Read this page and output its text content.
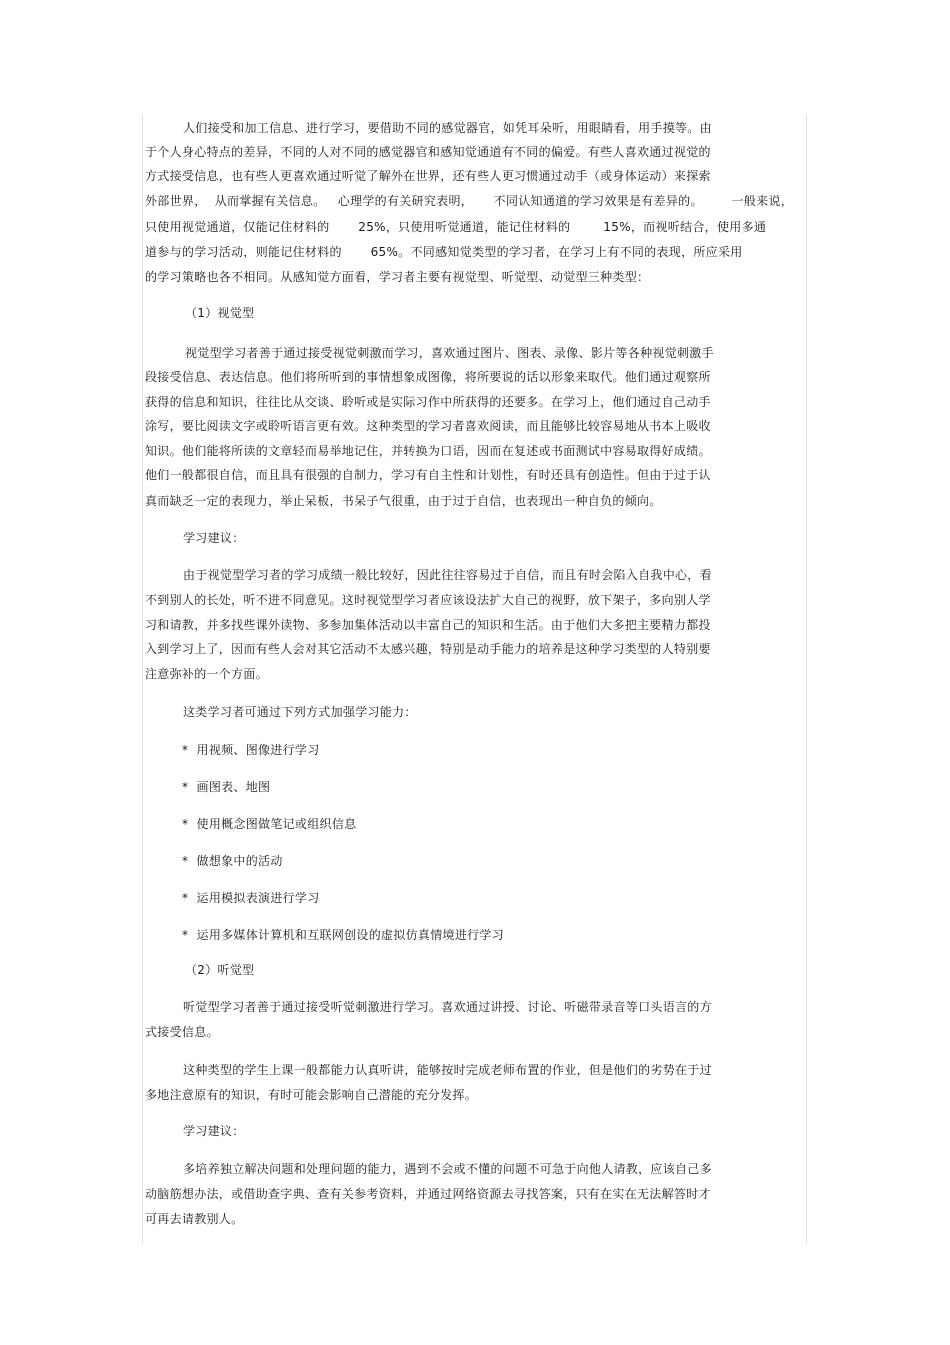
人们接受和加工信息、进行学习，要借助不同的感觉器官，如凭耳朵听，用眼睛看，用手摸等。由
于个人身心特点的差异，不同的人对不同的感觉器官和感知觉通道有不同的偏爱。有些人喜欢通过视觉的
方式接受信息，也有些人更喜欢通过听觉了解外在世界，还有些人更习惯通过动手（或身体运动）来探索
外部世界，  从而掌握有关信息。   心理学的有关研究表明，     不同认知通道的学习效果是有差异的。       一般来说，
只使用视觉通道，仅能记住材料的       25%，只使用听觉通道，能记住材料的        15%，而视听结合，使用多通
道参与的学习活动，则能记住材料的       65%。不同感知觉类型的学习者，在学习上有不同的表现，所应采用
的学习策略也各不相同。从感知觉方面看，学习者主要有视觉型、听觉型、动觉型三种类型：
（1）视觉型
视觉型学习者善于通过接受视觉刺激而学习，喜欢通过图片、图表、录像、影片等各种视觉刺激手
段接受信息、表达信息。他们将所听到的事情想象成图像，将所要说的话以形象来取代。他们通过观察所
获得的信息和知识，往往比从交谈、聆听或是实际习作中所获得的还要多。在学习上，他们通过自己动手
涂写，要比阅读文字或聆听语言更有效。这种类型的学习者喜欢阅读，而且能够比较容易地从书本上吸收
知识。他们能将所读的文章轻而易举地记住，并转换为口语，因而在复述或书面测试中容易取得好成绩。
他们一般都很自信，而且具有很强的自制力，学习有自主性和计划性，有时还具有创造性。但由于过于认
真而缺乏一定的表现力，举止呆板，书呆子气很重，由于过于自信，也表现出一种自负的倾向。
学习建议：
由于视觉型学习者的学习成绩一般比较好，因此往往容易过于自信，而且有时会陷入自我中心，看
不到别人的长处，听不进不同意见。这时视觉型学习者应该设法扩大自己的视野，放下架子，多向别人学
习和请教，并多找些课外读物、多参加集体活动以丰富自己的知识和生活。由于他们大多把主要精力都投
入到学习上了，因而有些人会对其它活动不太感兴趣，特别是动手能力的培养是这种学习类型的人特别要
注意弥补的一个方面。
这类学习者可通过下列方式加强学习能力：
*  用视频、图像进行学习
*  画图表、地图
*  使用概念图做笔记或组织信息
*  做想象中的活动
*  运用模拟表演进行学习
*  运用多媒体计算机和互联网创设的虚拟仿真情境进行学习
（2）听觉型
听觉型学习者善于通过接受听觉刺激进行学习。喜欢通过讲授、讨论、听磁带录音等口头语言的方
式接受信息。
这种类型的学生上课一般都能力认真听讲，能够按时完成老师布置的作业，但是他们的劣势在于过
多地注意原有的知识，有时可能会影响自己潜能的充分发挥。
学习建议：
多培养独立解决问题和处理问题的能力，遇到不会或不懂的问题不可急于向他人请教，应该自己多
动脑筋想办法，或借助查字典、查有关参考资料，并通过网络资源去寻找答案，只有在实在无法解答时才
可再去请教别人。
